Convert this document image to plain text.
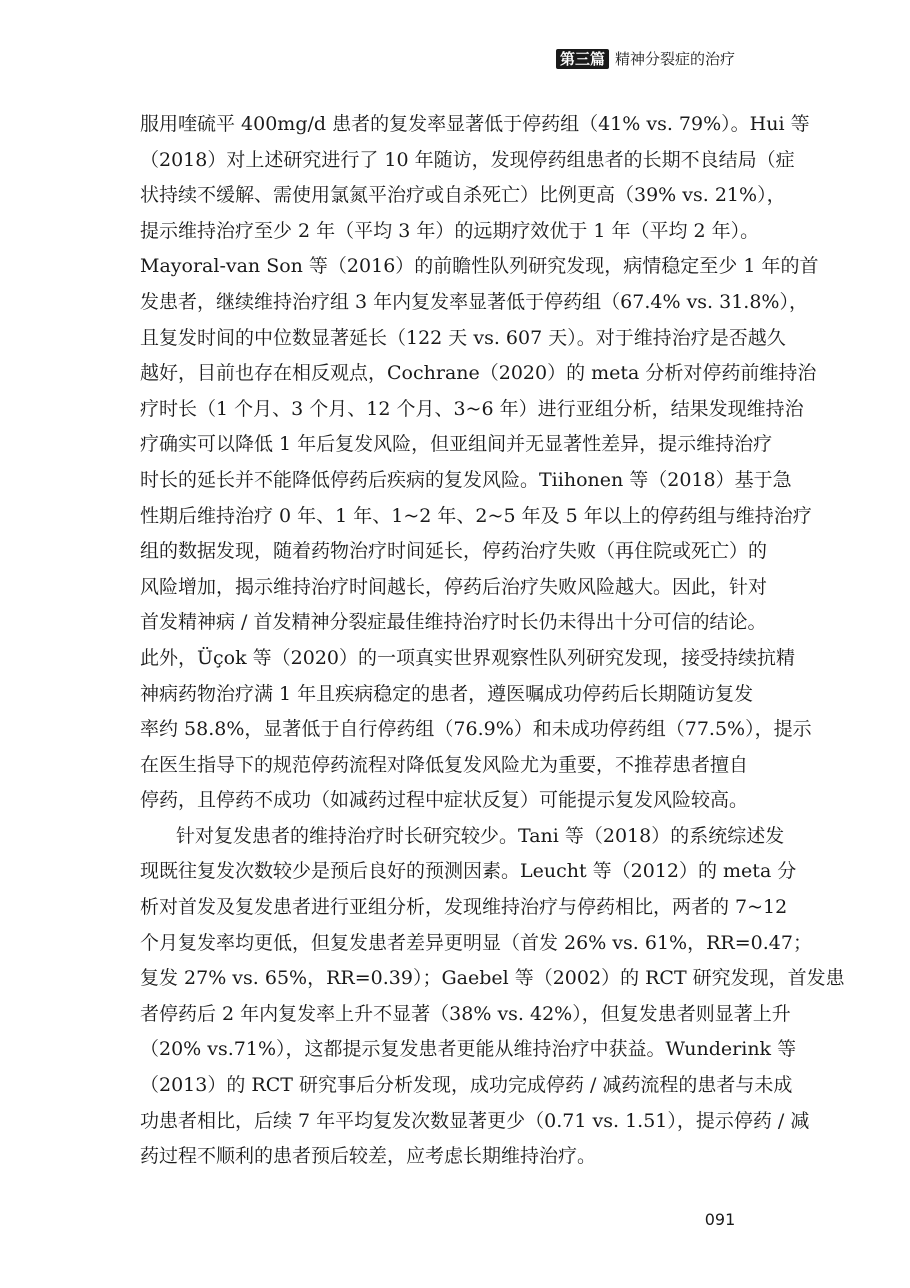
第三篇 精神分裂症的治疗
服用喹硫平 400mg/d 患者的复发率显著低于停药组（41% vs. 79%）。Hui 等
（2018）对上述研究进行了 10 年随访，发现停药组患者的长期不良结局（症
状持续不缓解、需使用氯氮平治疗或自杀死亡）比例更高（39% vs. 21%），
提示维持治疗至少 2 年（平均 3 年）的远期疗效优于 1 年（平均 2 年）。
Mayoral-van Son 等（2016）的前瞻性队列研究发现，病情稳定至少 1 年的首
发患者，继续维持治疗组 3 年内复发率显著低于停药组（67.4% vs. 31.8%），
且复发时间的中位数显著延长（122 天 vs. 607 天）。对于维持治疗是否越久
越好，目前也存在相反观点，Cochrane（2020）的 meta 分析对停药前维持治
疗时长（1 个月、3 个月、12 个月、3~6 年）进行亚组分析，结果发现维持治
疗确实可以降低 1 年后复发风险，但亚组间并无显著性差异，提示维持治疗
时长的延长并不能降低停药后疾病的复发风险。Tiihonen 等（2018）基于急
性期后维持治疗 0 年、1 年、1~2 年、2~5 年及 5 年以上的停药组与维持治疗
组的数据发现，随着药物治疗时间延长，停药治疗失败（再住院或死亡）的
风险增加，揭示维持治疗时间越长，停药后治疗失败风险越大。因此，针对
首发精神病 / 首发精神分裂症最佳维持治疗时长仍未得出十分可信的结论。
此外，Üçok 等（2020）的一项真实世界观察性队列研究发现，接受持续抗精
神病药物治疗满 1 年且疾病稳定的患者，遵医嘱成功停药后长期随访复发
率约 58.8%，显著低于自行停药组（76.9%）和未成功停药组（77.5%），提示
在医生指导下的规范停药流程对降低复发风险尤为重要，不推荐患者擅自
停药，且停药不成功（如减药过程中症状反复）可能提示复发风险较高。
针对复发患者的维持治疗时长研究较少。Tani 等（2018）的系统综述发
现既往复发次数较少是预后良好的预测因素。Leucht 等（2012）的 meta 分
析对首发及复发患者进行亚组分析，发现维持治疗与停药相比，两者的 7~12
个月复发率均更低，但复发患者差异更明显（首发 26% vs. 61%，RR=0.47；
复发 27% vs. 65%，RR=0.39）；Gaebel 等（2002）的 RCT 研究发现，首发患
者停药后 2 年内复发率上升不显著（38% vs. 42%），但复发患者则显著上升
（20% vs.71%），这都提示复发患者更能从维持治疗中获益。Wunderink 等
（2013）的 RCT 研究事后分析发现，成功完成停药 / 减药流程的患者与未成
功患者相比，后续 7 年平均复发次数显著更少（0.71 vs. 1.51），提示停药 / 减
药过程不顺利的患者预后较差，应考虑长期维持治疗。
091
